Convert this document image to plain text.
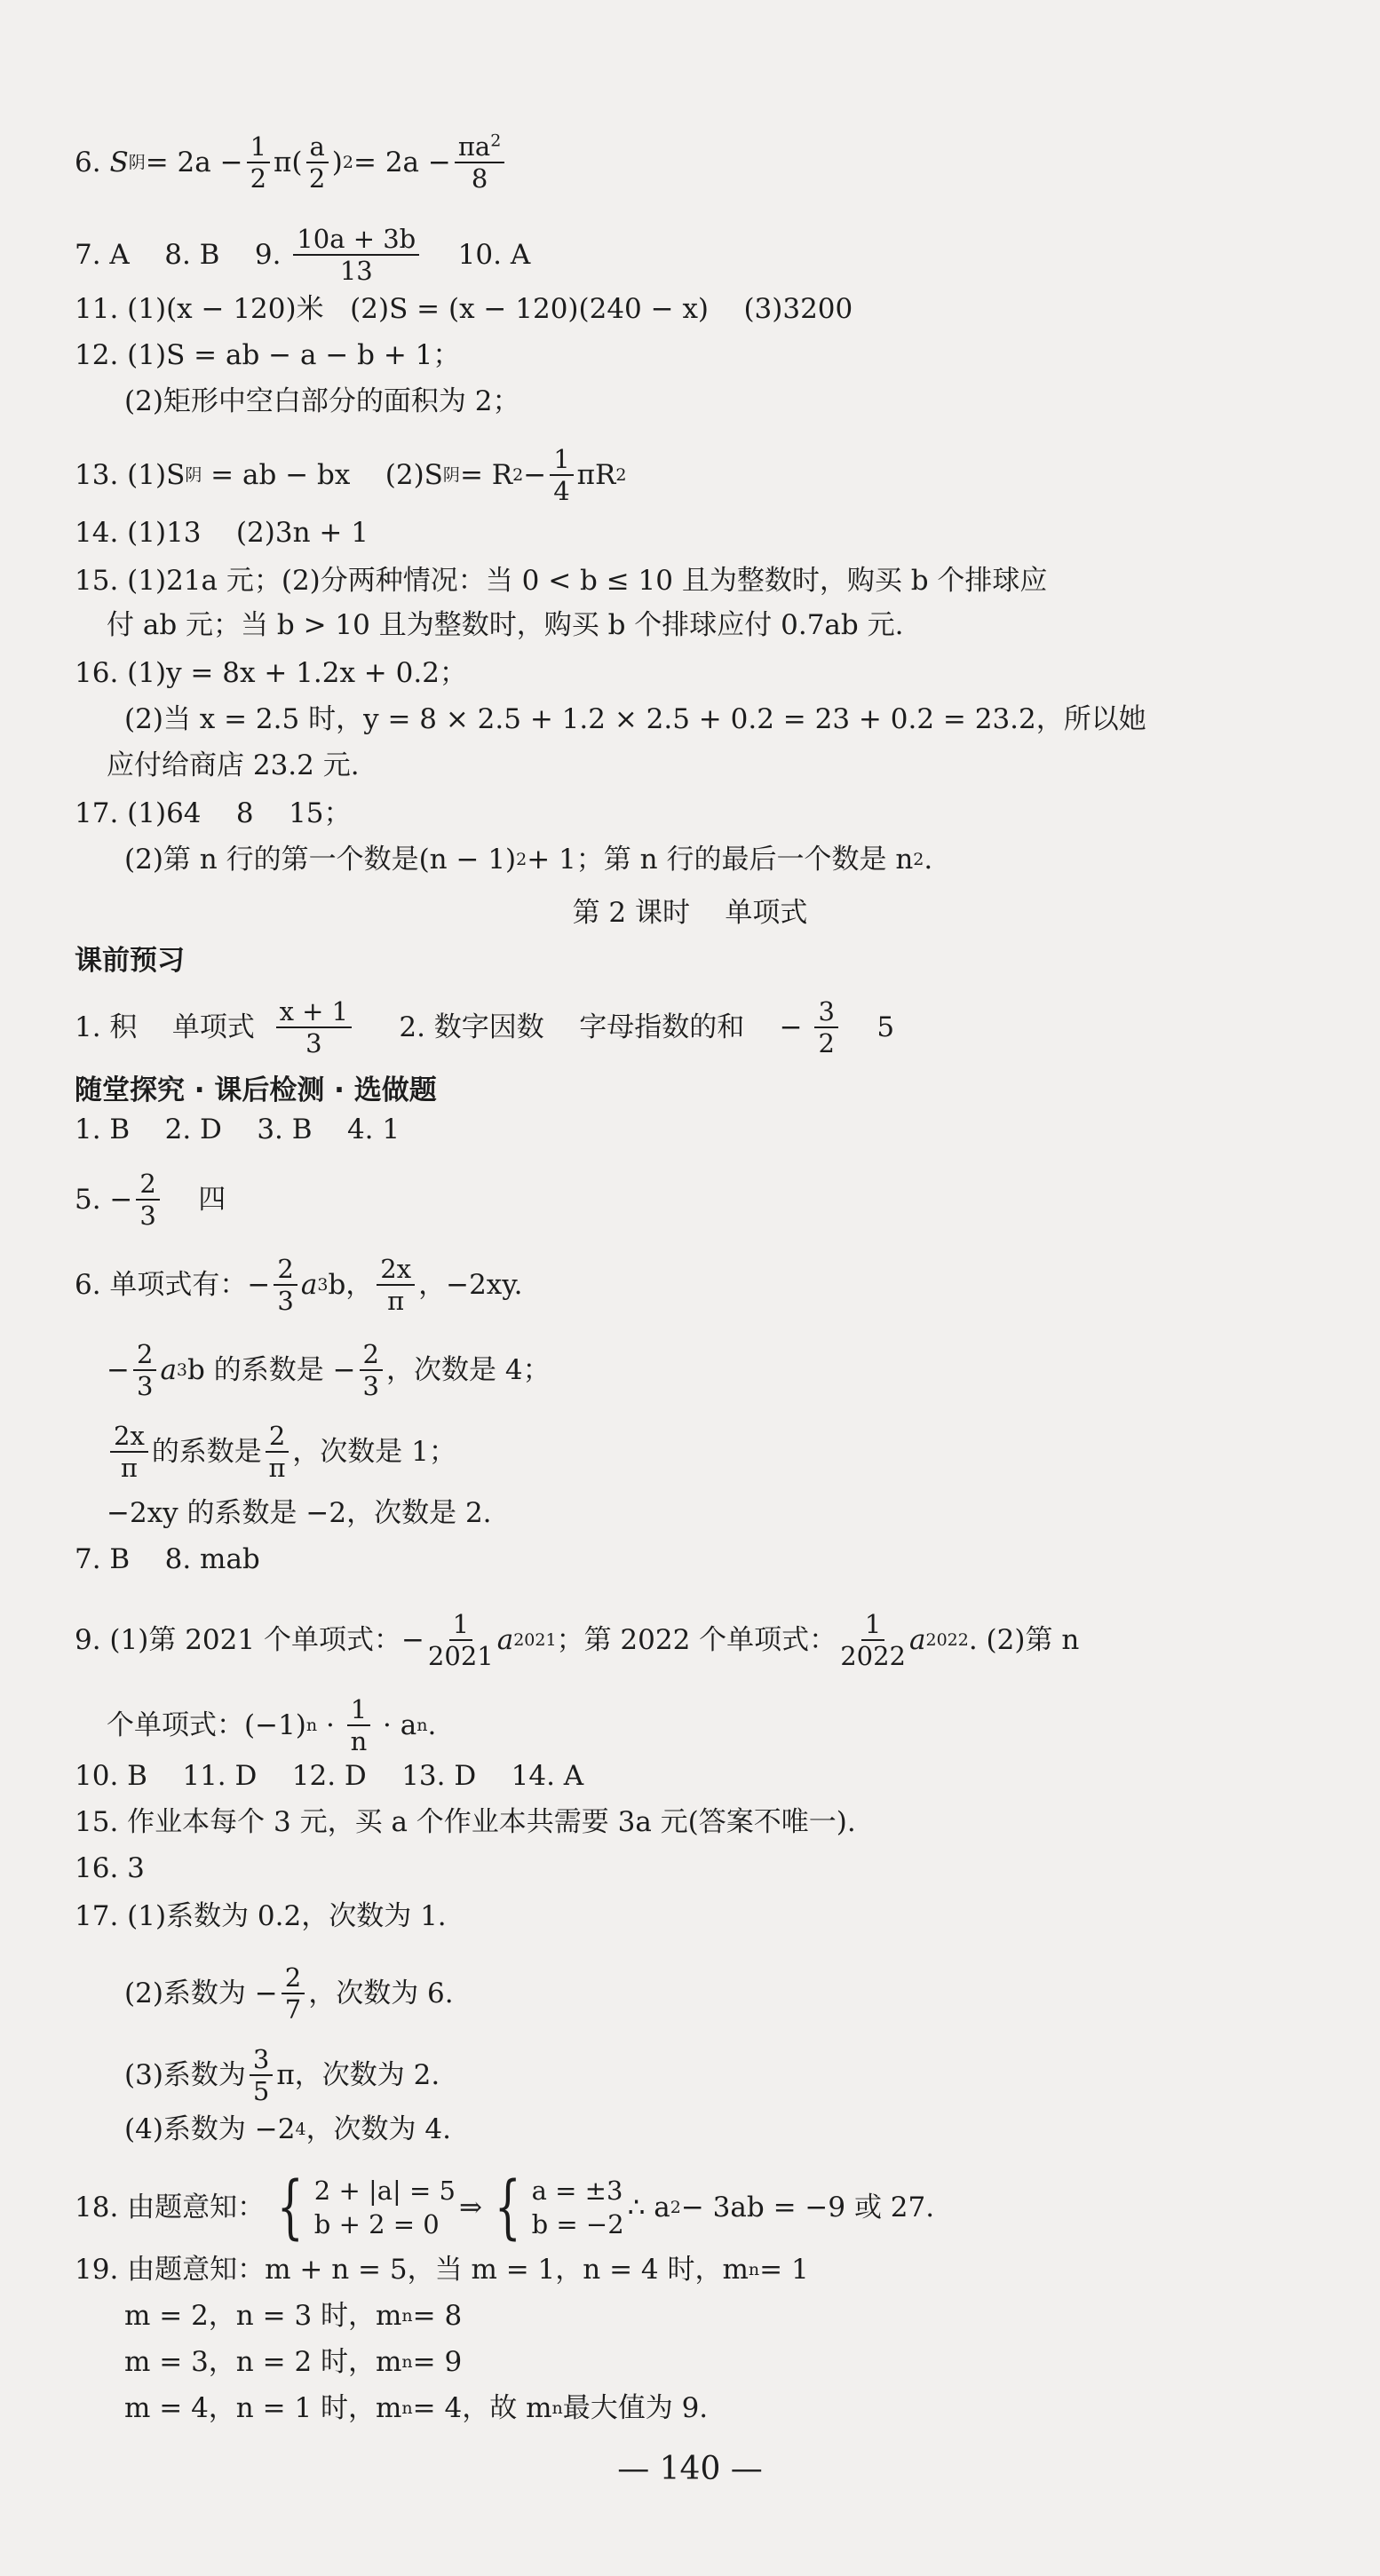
6.
S 阴 = $2a - \frac{1}{2} \pi( \frac{a}{2}$ ) $2 = 2a - \frac{\pi a^2}{8}$
7. A    8. B    9. $\frac{10a + 3b}{13} 10$. A
11. (1)(x − 120)米   (2)S = (x − 120)(240 − x)    (3)3200
12. (1)S = ab − a − b + 1；
(2)矩形中空白部分的面积为 2；
13. (1)S 阴 = ab − bx    (2)S 阴 = R $2 - \frac{1}{4}$ πR 2
14. (1)13    (2)3n + 1
15. (1)21a 元；(2)分两种情况：当 0 < b ≤ 10 且为整数时，购买 b 个排球应
付 ab 元；当 b > 10 且为整数时，购买 b 个排球应付 0.7ab 元.
16. (1)y = 8x + 1.2x + 0.2；
(2)当 x = 2.5 时，y = 8 × 2.5 + 1.2 × 2.5 + 0.2 = 23 + 0.2 = 23.2，所以她
应付给商店 23.2 元.
17. (1)64    8    15；
(2)第 n 行的第一个数是(n − 1) 2 + 1；第 n 行的最后一个数是 n 2 .
第 2 课时    单项式
课前预习
1. 积    单项式 $\frac{x + 1}{3} 2$. 数字因数    字母指数的和    − $\frac{3}{2} 5$
随堂探究 · 课后检测 · 选做题
1. B    2. D    3. B    4. 1
5. − $\frac{2}{3}$ 四
6. 单项式有：− $\frac{2}{3}$ a 3 b， $\frac{2x}{\pi}$ ，−2xy.
− $\frac{2}{3}$ a 3 b 的系数是 − $\frac{2}{3}$ ，次数是 4；
$\frac{2x}{\pi}$ 的系数是 $\frac{2}{\pi}$ ，次数是 1；
−2xy 的系数是 −2，次数是 2.
7. B    8. mab
9. (1)第 2021 个单项式：− $\frac{1}{2021}$ a 2021 ；第 2022 个单项式： $\frac{1}{2022}$ a 2022 . (2)第 n
个单项式：(−1) $n \cdot \frac{1}{n} \cdot a$ n .
10. B    11. D    12. D    13. D    14. A
15. 作业本每个 3 元，买 a 个作业本共需要 3a 元(答案不唯一).
16. 3
17. (1)系数为 0.2，次数为 1.
(2)系数为 − $\frac{2}{7}$ ，次数为 6.
(3)系数为 $\frac{3}{5}$ π，次数为 2.
(4)系数为 −2 4 ，次数为 4.
18. 由题意知： { 2 + |a| = 5
b + 2 = 0
⇒ { a = ±3
b = −2
∴ a 2 − 3ab = −9 或 27.
19. 由题意知：m + n = 5，当 m = 1，n = 4 时，m n = 1
m = 2，n = 3 时，m n = 8
m = 3，n = 2 时，m n = 9
m = 4，n = 1 时，m n = 4，故 m n 最大值为 9.
— 140 —
